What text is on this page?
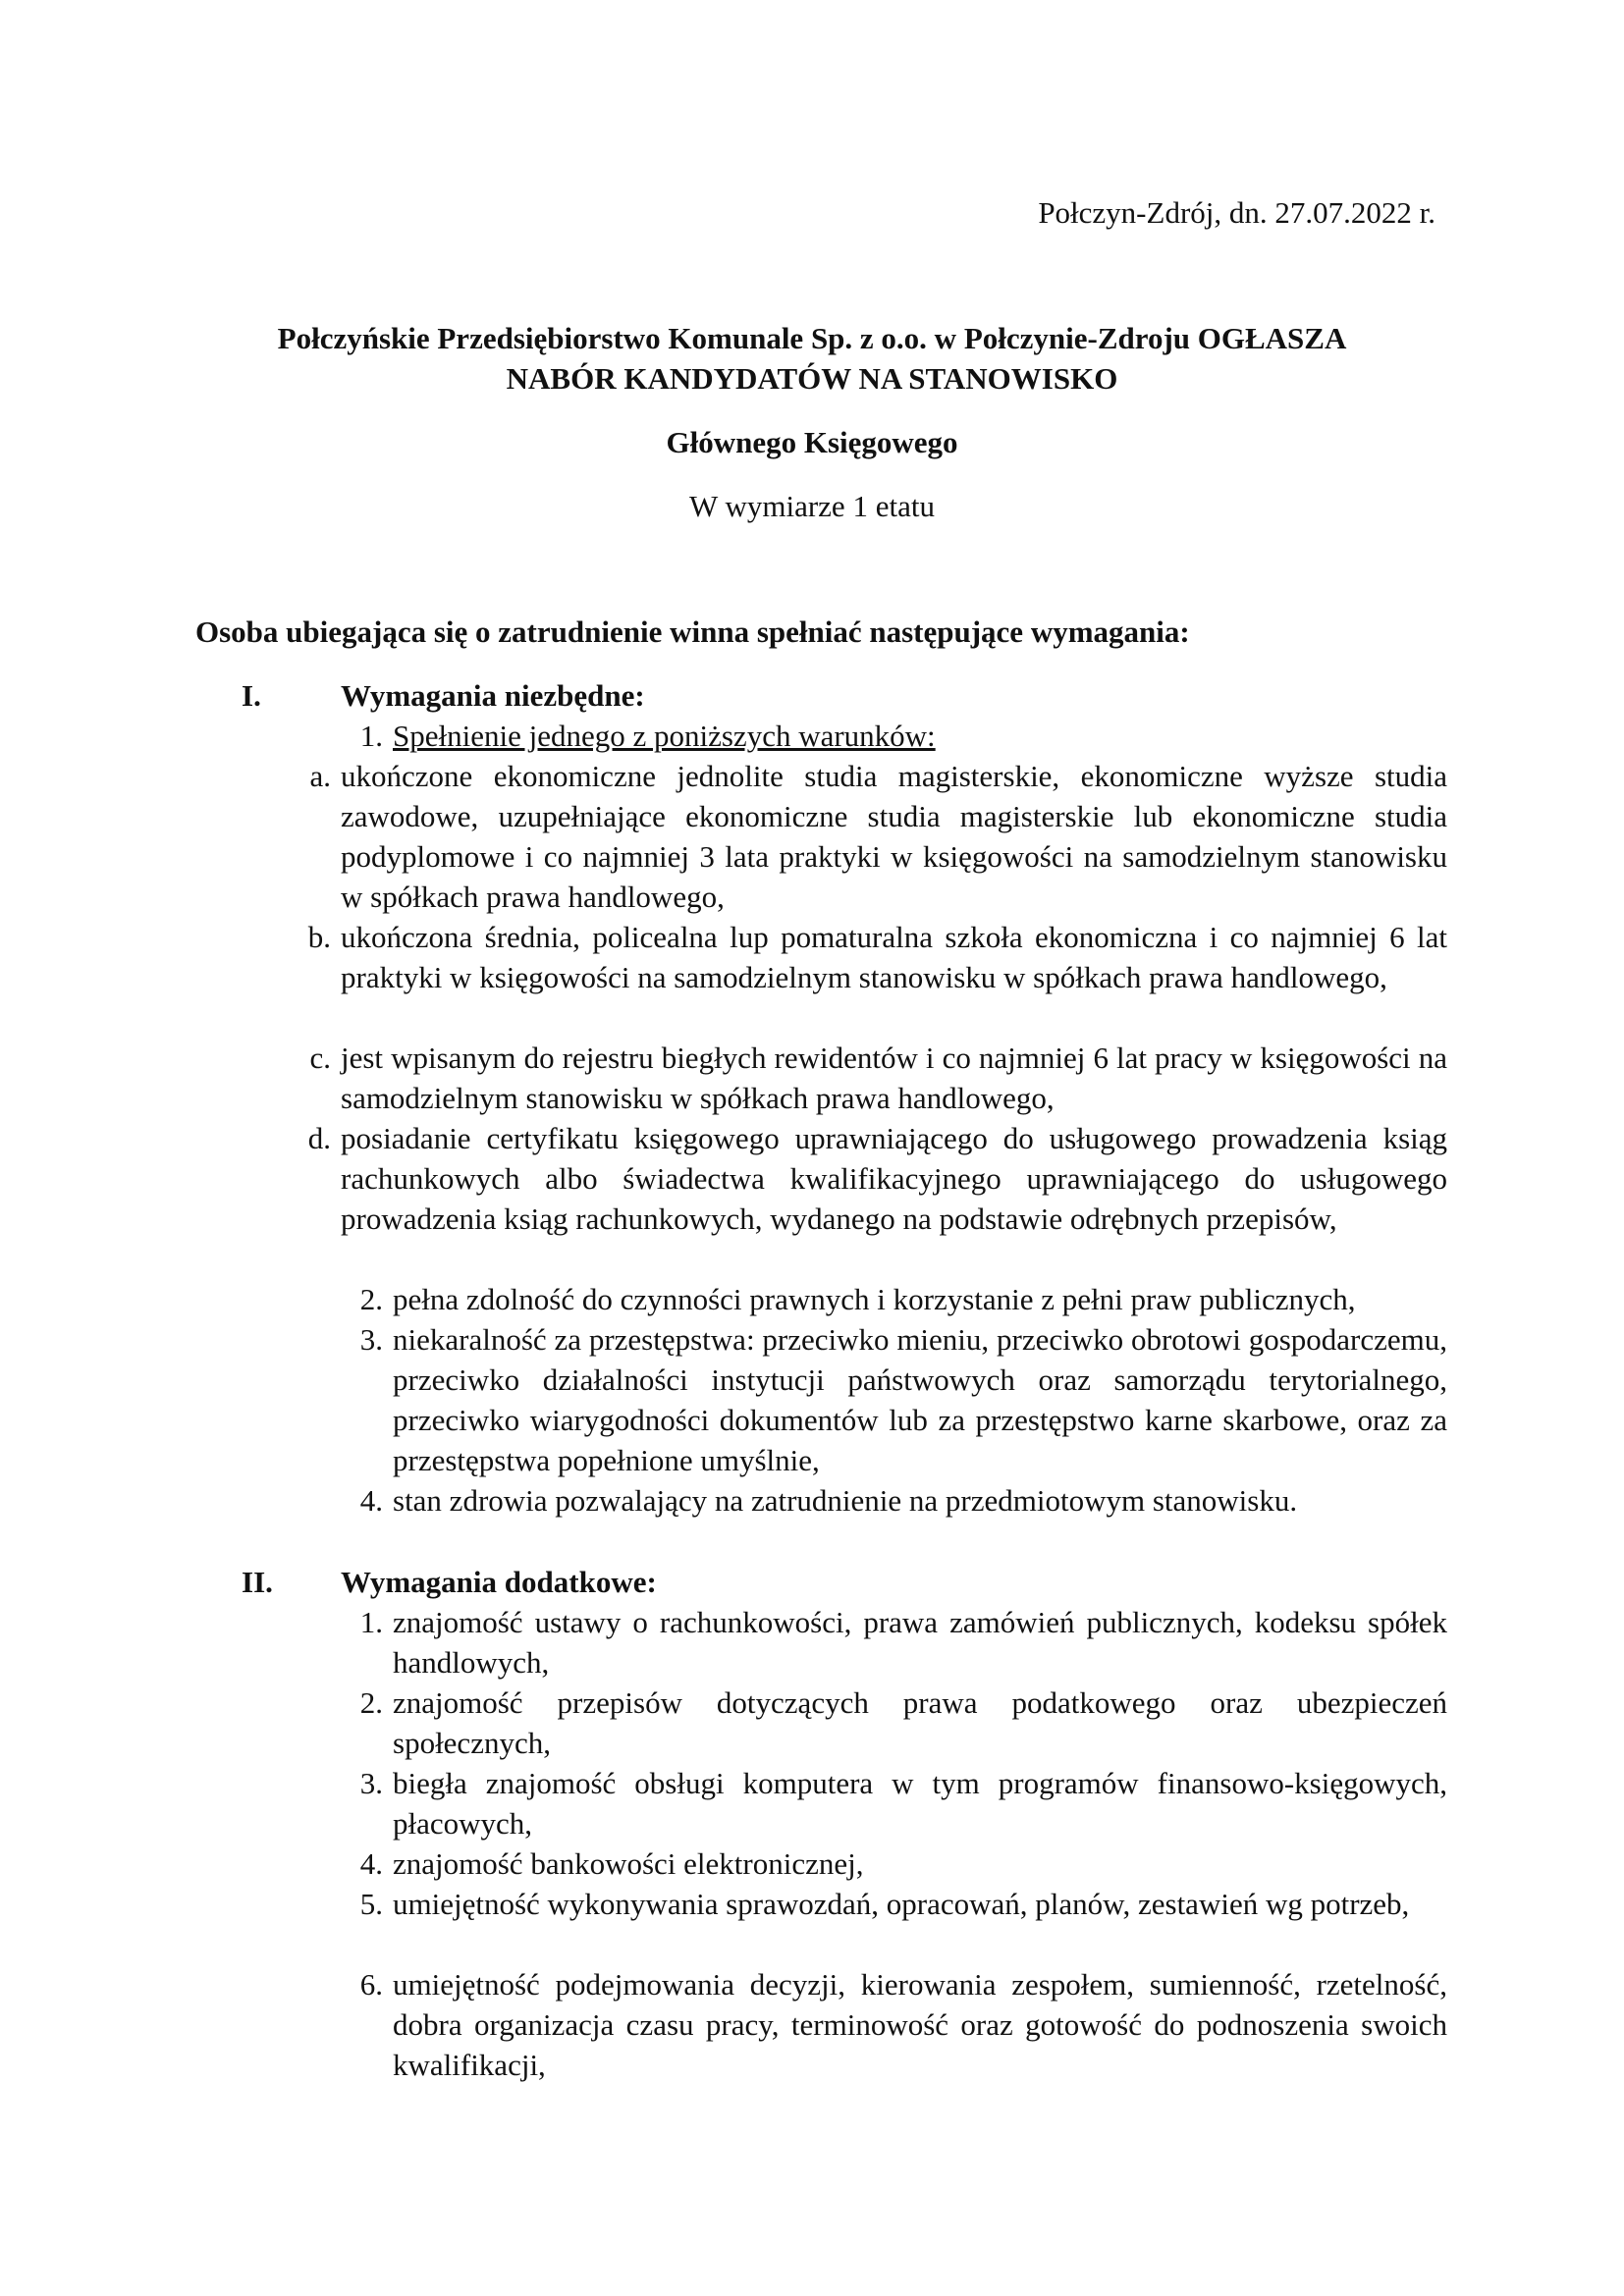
Połczyn-Zdrój, dn. 27.07.2022 r.
Połczyńskie Przedsiębiorstwo Komunale Sp. z o.o. w Połczynie-Zdroju OGŁASZA
NABÓR KANDYDATÓW NA STANOWISKO
Głównego Księgowego
W wymiarze 1 etatu
Osoba ubiegająca się o zatrudnienie winna spełniać następujące wymagania:
I.	Wymagania niezbędne:
1. Spełnienie jednego z poniższych warunków:
a. ukończone ekonomiczne jednolite studia magisterskie, ekonomiczne wyższe studia zawodowe, uzupełniające ekonomiczne studia magisterskie lub ekonomiczne studia podyplomowe i co najmniej 3 lata praktyki w księgowości na samodzielnym stanowisku w spółkach prawa handlowego,
b. ukończona średnia, policealna lup pomaturalna szkoła ekonomiczna i co najmniej 6 lat praktyki w księgowości na samodzielnym stanowisku w spółkach prawa handlowego,
c. jest wpisanym do rejestru biegłych rewidentów i co najmniej 6 lat pracy w księgowości na samodzielnym stanowisku w spółkach prawa handlowego,
d. posiadanie certyfikatu księgowego uprawniającego do usługowego prowadzenia ksiąg rachunkowych albo świadectwa kwalifikacyjnego uprawniającego do usługowego prowadzenia ksiąg rachunkowych, wydanego na podstawie odrębnych przepisów,
2. pełna zdolność do czynności prawnych i korzystanie z pełni praw publicznych,
3. niekaralność za przestępstwa: przeciwko mieniu, przeciwko obrotowi gospodarczemu, przeciwko działalności instytucji państwowych oraz samorządu terytorialnego, przeciwko wiarygodności dokumentów lub za przestępstwo karne skarbowe, oraz za przestępstwa popełnione umyślnie,
4. stan zdrowia pozwalający na zatrudnienie na przedmiotowym stanowisku.
II. Wymagania dodatkowe:
1. znajomość ustawy o rachunkowości, prawa zamówień publicznych, kodeksu spółek handlowych,
2. znajomość przepisów dotyczących prawa podatkowego oraz ubezpieczeń społecznych,
3. biegła znajomość obsługi komputera w tym programów finansowo-księgowych, płacowych,
4. znajomość bankowości elektronicznej,
5. umiejętność wykonywania sprawozdań, opracowań, planów, zestawień wg potrzeb,
6. umiejętność podejmowania decyzji, kierowania zespołem, sumienność, rzetelność, dobra organizacja czasu pracy, terminowość oraz gotowość do podnoszenia swoich kwalifikacji,
